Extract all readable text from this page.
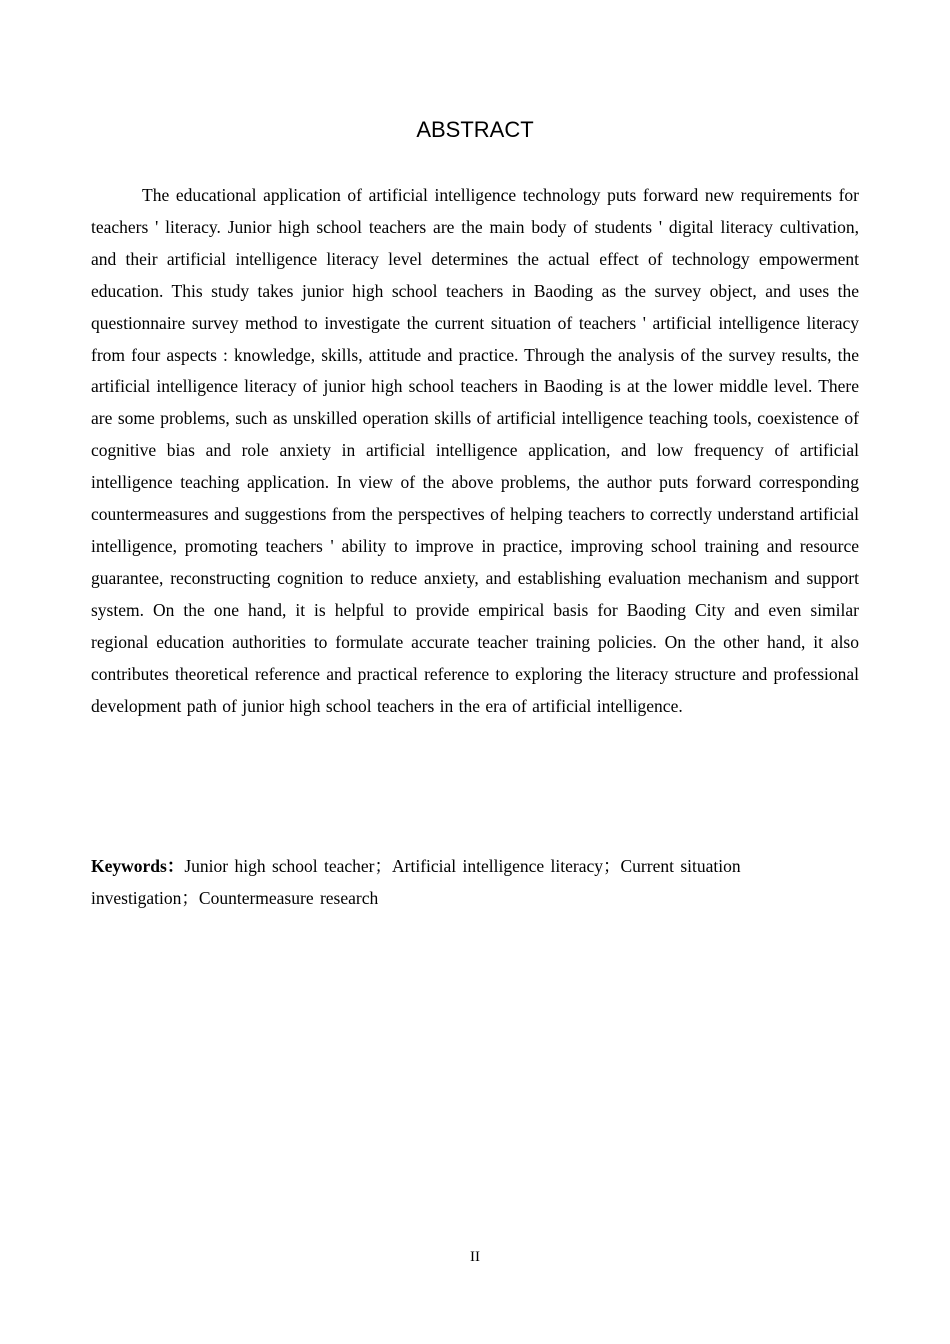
ABSTRACT

The educational application of artificial intelligence technology puts forward new requirements for teachers ' literacy. Junior high school teachers are the main body of students ' digital literacy cultivation, and their artificial intelligence literacy level determines the actual effect of technology empowerment education. This study takes junior high school teachers in Baoding as the survey object, and uses the questionnaire survey method to investigate the current situation of teachers ' artificial intelligence literacy from four aspects : knowledge, skills, attitude and practice. Through the analysis of the survey results, the artificial intelligence literacy of junior high school teachers in Baoding is at the lower middle level. There are some problems, such as unskilled operation skills of artificial intelligence teaching tools, coexistence of cognitive bias and role anxiety in artificial intelligence application, and low frequency of artificial intelligence teaching application. In view of the above problems, the author puts forward corresponding countermeasures and suggestions from the perspectives of helping teachers to correctly understand artificial intelligence, promoting teachers ' ability to improve in practice, improving school training and resource guarantee, reconstructing cognition to reduce anxiety, and establishing evaluation mechanism and support system. On the one hand, it is helpful to provide empirical basis for Baoding City and even similar regional education authorities to formulate accurate teacher training policies. On the other hand, it also contributes theoretical reference and practical reference to exploring the literacy structure and professional development path of junior high school teachers in the era of artificial intelligence.

Keywords：Junior high school teacher；Artificial intelligence literacy；Current situation investigation；Countermeasure research

II
